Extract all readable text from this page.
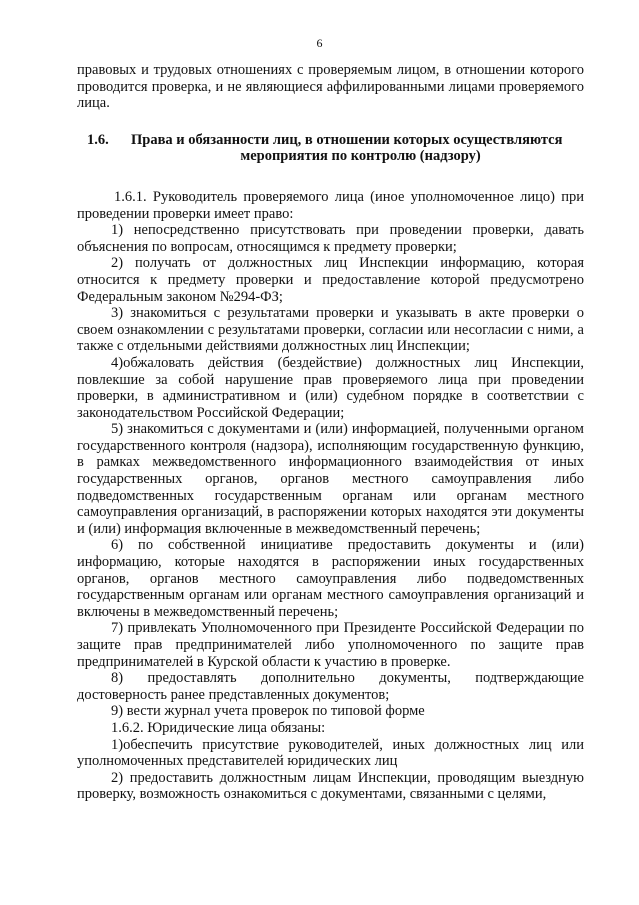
6

правовых и трудовых отношениях с проверяемым лицом, в отношении которого проводится проверка, и не являющиеся аффилированными лицами проверяемого лица.

1.6. Права и обязанности лиц, в отношении которых осуществляются
мероприятия по контролю (надзору)

1.6.1. Руководитель проверяемого лица (иное уполномоченное лицо) при проведении проверки имеет право:

1) непосредственно присутствовать при проведении проверки, давать объяснения по вопросам, относящимся к предмету проверки;

2) получать от должностных лиц Инспекции информацию, которая относится к предмету проверки и предоставление которой предусмотрено Федеральным законом №294-ФЗ;

3) знакомиться с результатами проверки и указывать в акте проверки о своем ознакомлении с результатами проверки, согласии или несогласии с ними, а также с отдельными действиями должностных лиц Инспекции;

4)обжаловать действия (бездействие) должностных лиц Инспекции, повлекшие за собой нарушение прав проверяемого лица при проведении проверки, в административном и (или) судебном порядке в соответствии с законодательством Российской Федерации;

5) знакомиться с документами и (или) информацией, полученными органом государственного контроля (надзора), исполняющим государственную функцию, в рамках межведомственного информационного взаимодействия от иных государственных органов, органов местного самоуправления либо подведомственных государственным органам или органам местного самоуправления организаций, в распоряжении которых находятся эти документы и (или) информация включенные в межведомственный перечень;

6) по собственной инициативе предоставить документы и (или) информацию, которые находятся в распоряжении иных государственных органов, органов местного самоуправления либо подведомственных государственным органам или органам местного самоуправления организаций и включены в межведомственный перечень;

7) привлекать Уполномоченного при Президенте Российской Федерации по защите прав предпринимателей либо уполномоченного по защите прав предпринимателей в Курской области к участию в проверке.

8) предоставлять дополнительно документы, подтверждающие достоверность ранее представленных документов;

9) вести журнал учета проверок по типовой форме

1.6.2. Юридические лица обязаны:

1)обеспечить присутствие руководителей, иных должностных лиц или уполномоченных представителей юридических лиц

2) предоставить должностным лицам Инспекции, проводящим выездную проверку, возможность ознакомиться с документами, связанными с целями,
